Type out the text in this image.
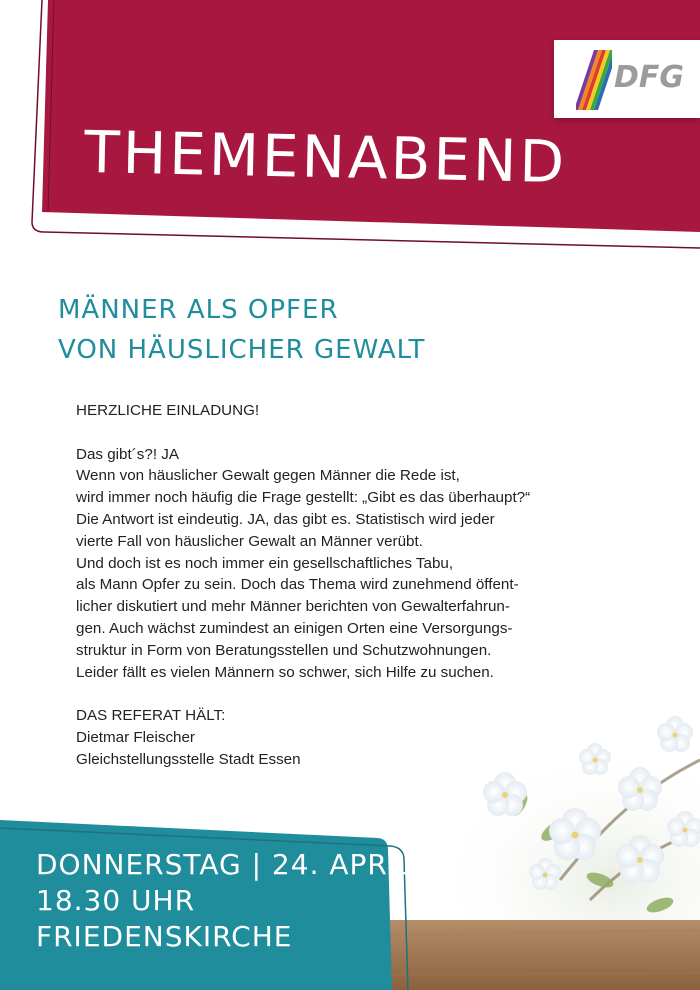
THEMENABEND
DFG
MÄNNER ALS OPFER
VON HÄUSLICHER GEWALT

HERZLICHE EINLADUNG!

Das gibt´s?! JA

Wenn von häuslicher Gewalt gegen Männer die Rede ist,

wird immer noch häufig die Frage gestellt: „Gibt es das überhaupt?“

Die Antwort ist eindeutig. JA, das gibt es. Statistisch wird jeder

vierte Fall von häuslicher Gewalt an Männer verübt.

Und doch ist es noch immer ein gesellschaftliches Tabu,

als Mann Opfer zu sein. Doch das Thema wird zunehmend öffent-

licher diskutiert und mehr Männer berichten von Gewalterfahrun-

gen. Auch wächst zumindest an einigen Orten eine Versorgungs-

struktur in Form von Beratungsstellen und Schutzwohnungen.

Leider fällt es vielen Männern so schwer, sich Hilfe zu suchen.

DAS REFERAT HÄLT:

Dietmar Fleischer

Gleichstellungsstelle Stadt Essen

DONNERSTAG | 24. APRIL
18.30 UHR
FRIEDENSKIRCHE
